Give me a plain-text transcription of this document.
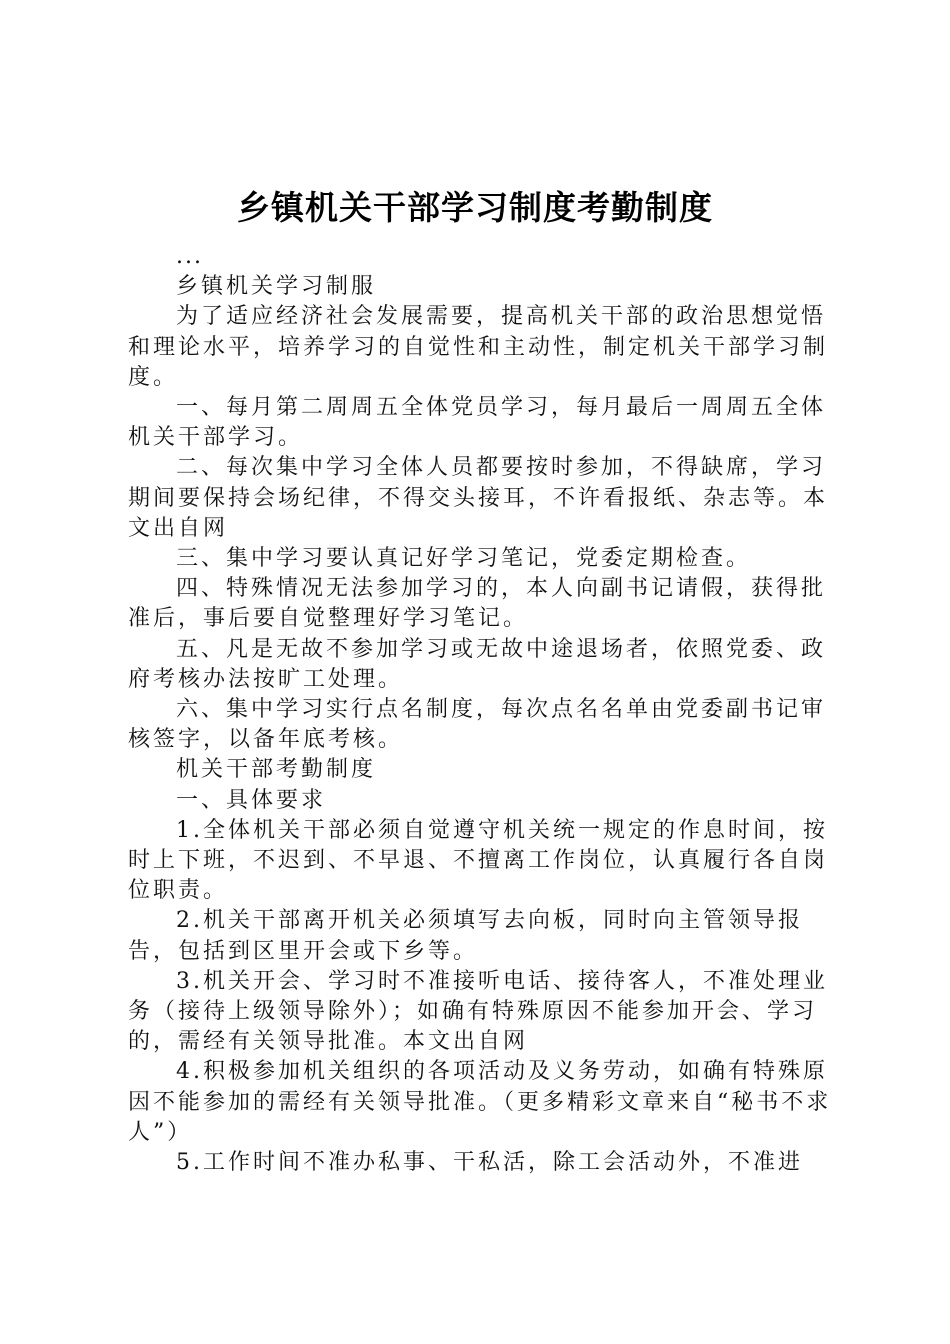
乡镇机关干部学习制度考勤制度

...

乡镇机关学习制服

为了适应经济社会发展需要，提高机关干部的政治思想觉悟和理论水平，培养学习的自觉性和主动性，制定机关干部学习制度。

一、每月第二周周五全体党员学习，每月最后一周周五全体机关干部学习。

二、每次集中学习全体人员都要按时参加，不得缺席，学习期间要保持会场纪律，不得交头接耳，不许看报纸、杂志等。本文出自网

三、集中学习要认真记好学习笔记，党委定期检查。

四、特殊情况无法参加学习的，本人向副书记请假，获得批准后，事后要自觉整理好学习笔记。

五、凡是无故不参加学习或无故中途退场者，依照党委、政府考核办法按旷工处理。

六、集中学习实行点名制度，每次点名名单由党委副书记审核签字，以备年底考核。

机关干部考勤制度

一、具体要求

1.全体机关干部必须自觉遵守机关统一规定的作息时间，按时上下班，不迟到、不早退、不擅离工作岗位，认真履行各自岗位职责。

2.机关干部离开机关必须填写去向板，同时向主管领导报告，包括到区里开会或下乡等。

3.机关开会、学习时不准接听电话、接待客人，不准处理业务（接待上级领导除外）；如确有特殊原因不能参加开会、学习的，需经有关领导批准。本文出自网

4.积极参加机关组织的各项活动及义务劳动，如确有特殊原因不能参加的需经有关领导批准。（更多精彩文章来自“秘书不求人”）

5.工作时间不准办私事、干私活，除工会活动外，不准进
